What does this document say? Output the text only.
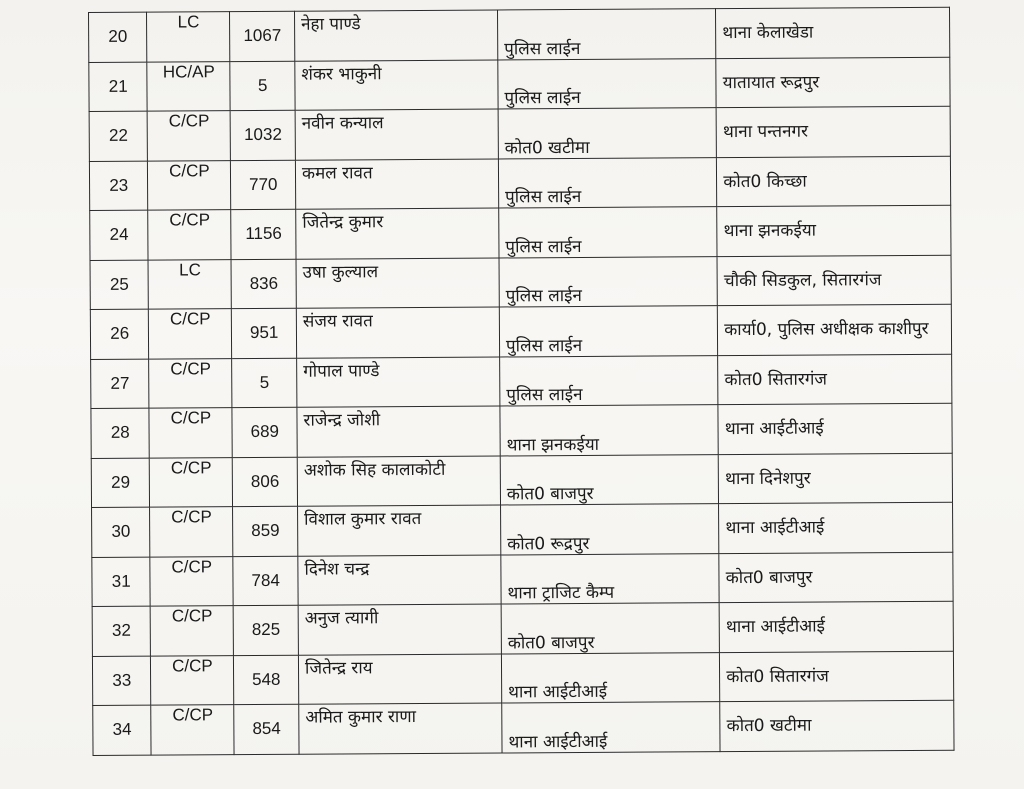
20	LC	1067	नेहा पाण्डे	पुलिस लाईन	थाना केलाखेडा
21	HC/AP	5	शंकर भाकुनी	पुलिस लाईन	यातायात रूद्रपुर
22	C/CP	1032	नवीन कन्याल	कोत0 खटीमा	थाना पन्तनगर
23	C/CP	770	कमल रावत	पुलिस लाईन	कोत0 किच्छा
24	C/CP	1156	जितेन्द्र कुमार	पुलिस लाईन	थाना झनकईया
25	LC	836	उषा कुल्याल	पुलिस लाईन	चौकी सिडकुल, सितारगंज
26	C/CP	951	संजय रावत	पुलिस लाईन	कार्या0, पुलिस अधीक्षक काशीपुर
27	C/CP	5	गोपाल पाण्डे	पुलिस लाईन	कोत0 सितारगंज
28	C/CP	689	राजेन्द्र जोशी	थाना झनकईया	थाना आईटीआई
29	C/CP	806	अशोक सिह कालाकोटी	कोत0 बाजपुर	थाना दिनेशपुर
30	C/CP	859	विशाल कुमार रावत	कोत0 रूद्रपुर	थाना आईटीआई
31	C/CP	784	दिनेश चन्द्र	थाना ट्राजिट कैम्प	कोत0 बाजपुर
32	C/CP	825	अनुज त्यागी	कोत0 बाजपुर	थाना आईटीआई
33	C/CP	548	जितेन्द्र राय	थाना आईटीआई	कोत0 सितारगंज
34	C/CP	854	अमित कुमार राणा	थाना आईटीआई	कोत0 खटीमा
